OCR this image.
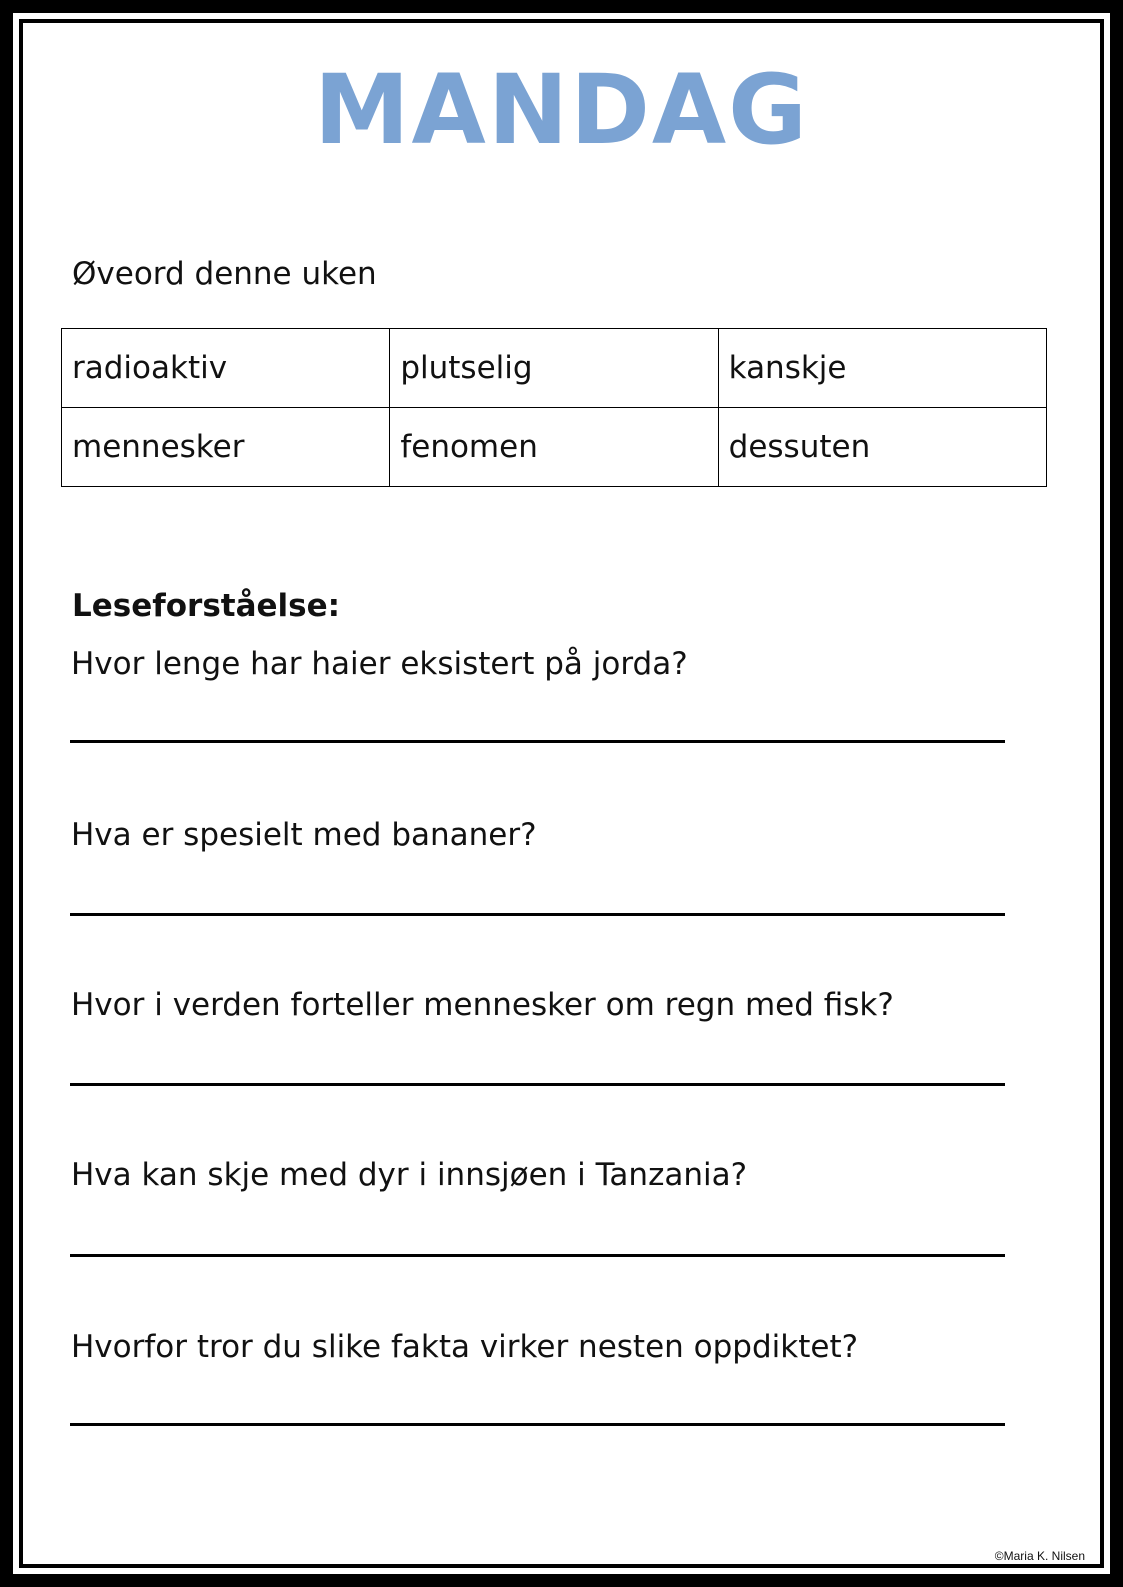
MANDAG
Øveord denne uken
radioaktiv	plutselig	kanskje
mennesker	fenomen	dessuten
Leseforståelse:
Hvor lenge har haier eksistert på jorda?
Hva er spesielt med bananer?
Hvor i verden forteller mennesker om regn med fisk?
Hva kan skje med dyr i innsjøen i Tanzania?
Hvorfor tror du slike fakta virker nesten oppdiktet?
©Maria K. Nilsen
